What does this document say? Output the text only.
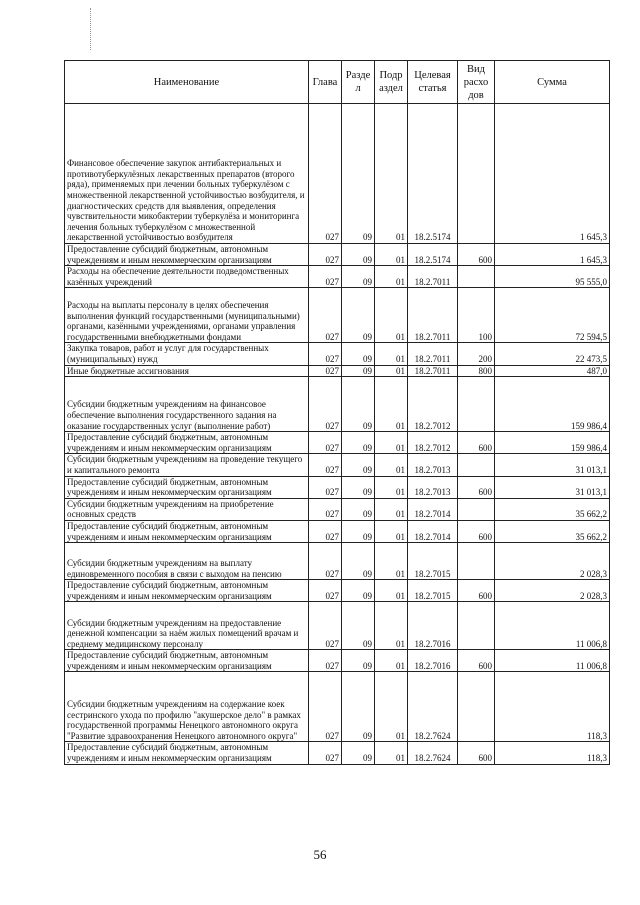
Наименование	Глава	Разде л	Подр аздел	Целевая статья	Вид расхо дов	Сумма
Финансовое обеспечение закупок антибактериальных и противотуберкулёзных лекарственных препаратов (второго ряда), применяемых при лечении больных туберкулёзом с множественной лекарственной устойчивостью возбудителя, и диагностических средств для выявления, определения чувствительности микобактерии туберкулёза и мониторинга лечения больных туберкулёзом с множественной лекарственной устойчивостью возбудителя	027	09	01	18.2.5174		1 645,3
Предоставление субсидий бюджетным, автономным учреждениям и иным некоммерческим организациям	027	09	01	18.2.5174	600	1 645,3
Расходы на обеспечение деятельности подведомственных казённых учреждений	027	09	01	18.2.7011		95 555,0
Расходы на выплаты персоналу в целях обеспечения выполнения функций государственными (муниципальными) органами, казёнными учреждениями, органами управления государственными внебюджетными фондами	027	09	01	18.2.7011	100	72 594,5
Закупка товаров, работ и услуг для государственных (муниципальных) нужд	027	09	01	18.2.7011	200	22 473,5
Иные бюджетные ассигнования	027	09	01	18.2.7011	800	487,0
Субсидии бюджетным учреждениям на финансовое обеспечение выполнения государственного задания на оказание государственных услуг (выполнение работ)	027	09	01	18.2.7012		159 986,4
Предоставление субсидий бюджетным, автономным учреждениям и иным некоммерческим организациям	027	09	01	18.2.7012	600	159 986,4
Субсидии бюджетным учреждениям на проведение текущего и капитального ремонта	027	09	01	18.2.7013		31 013,1
Предоставление субсидий бюджетным, автономным учреждениям и иным некоммерческим организациям	027	09	01	18.2.7013	600	31 013,1
Субсидии бюджетным учреждениям на приобретение основных средств	027	09	01	18.2.7014		35 662,2
Предоставление субсидий бюджетным, автономным учреждениям и иным некоммерческим организациям	027	09	01	18.2.7014	600	35 662,2
Субсидии бюджетным учреждениям на выплату единовременного пособия в связи с выходом на пенсию	027	09	01	18.2.7015		2 028,3
Предоставление субсидий бюджетным, автономным учреждениям и иным некоммерческим организациям	027	09	01	18.2.7015	600	2 028,3
Субсидии бюджетным учреждениям на предоставление денежной компенсации за наём жилых помещений врачам и среднему медицинскому персоналу	027	09	01	18.2.7016		11 006,8
Предоставление субсидий бюджетным, автономным учреждениям и иным некоммерческим организациям	027	09	01	18.2.7016	600	11 006,8
Субсидии бюджетным учреждениям на содержание коек сестринского ухода по профилю "акушерское дело" в рамках государственной программы Ненецкого автономного округа "Развитие здравоохранения Ненецкого автономного округа"	027	09	01	18.2.7624		118,3
Предоставление субсидий бюджетным, автономным учреждениям и иным некоммерческим организациям	027	09	01	18.2.7624	600	118,3
56
